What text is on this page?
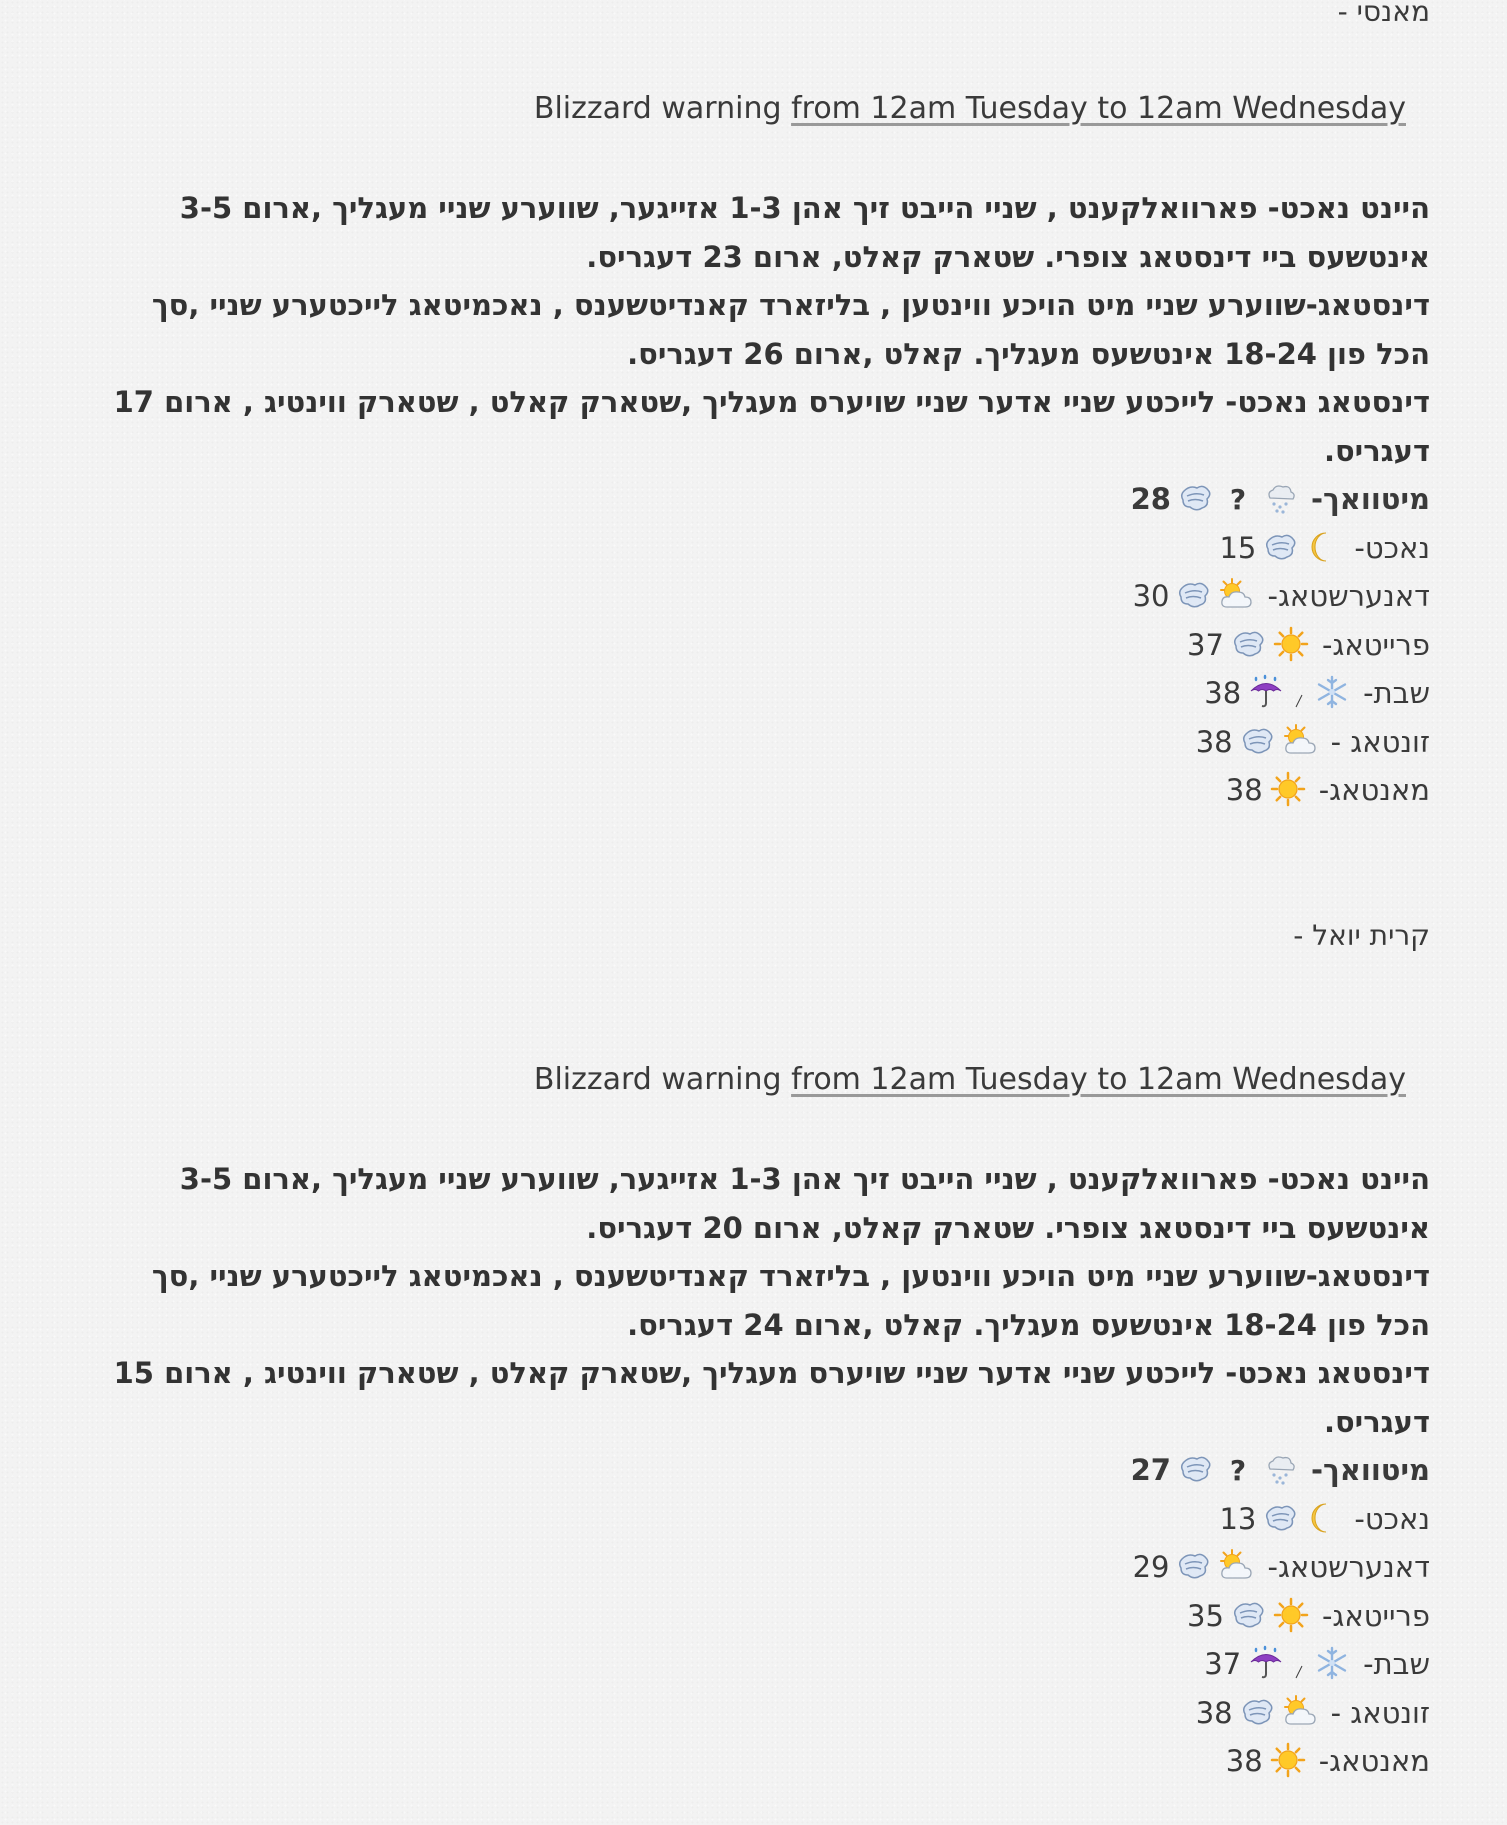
מאנסי -
Blizzard warning from 12am Tuesday to 12am Wednesday
היינט נאכט- פארוואלקענט , שניי הייבט זיך אהן 1-3 אזייגער, שווערע שניי מעגליך ,ארום 3-5 אינטשעס ביי דינסטאג צופרי. שטארק קאלט, ארום 23 דעגריס.
דינסטאג-שווערע שניי מיט הויכע ווינטען , בליזארד קאנדיטשענס , נאכמיטאג לייכטערע שניי ,סך הכל פון 18-24 אינטשעס מעגליך. קאלט ,ארום 26 דעגריס.
דינסטאג נאכט- לייכטע שניי אדער שניי שויערס מעגליך ,שטארק קאלט , שטארק ווינטיג , ארום 17 דעגריס.
מיטוואך-
?
28
נאכט-15
דאנערשטאג-30
פרייטאג-37
שבת-38
זונטאג -38
מאנטאג-38
קרית יואל -
Blizzard warning from 12am Tuesday to 12am Wednesday
היינט נאכט- פארוואלקענט , שניי הייבט זיך אהן 1-3 אזייגער, שווערע שניי מעגליך ,ארום 3-5 אינטשעס ביי דינסטאג צופרי. שטארק קאלט, ארום 20 דעגריס.
דינסטאג-שווערע שניי מיט הויכע ווינטען , בליזארד קאנדיטשענס , נאכמיטאג לייכטערע שניי ,סך הכל פון 18-24 אינטשעס מעגליך. קאלט ,ארום 24 דעגריס.
דינסטאג נאכט- לייכטע שניי אדער שניי שויערס מעגליך ,שטארק קאלט , שטארק ווינטיג , ארום 15 דעגריס.
מיטוואך-
?
27
נאכט-13
דאנערשטאג-29
פרייטאג-35
שבת-37
זונטאג -38
מאנטאג-38
